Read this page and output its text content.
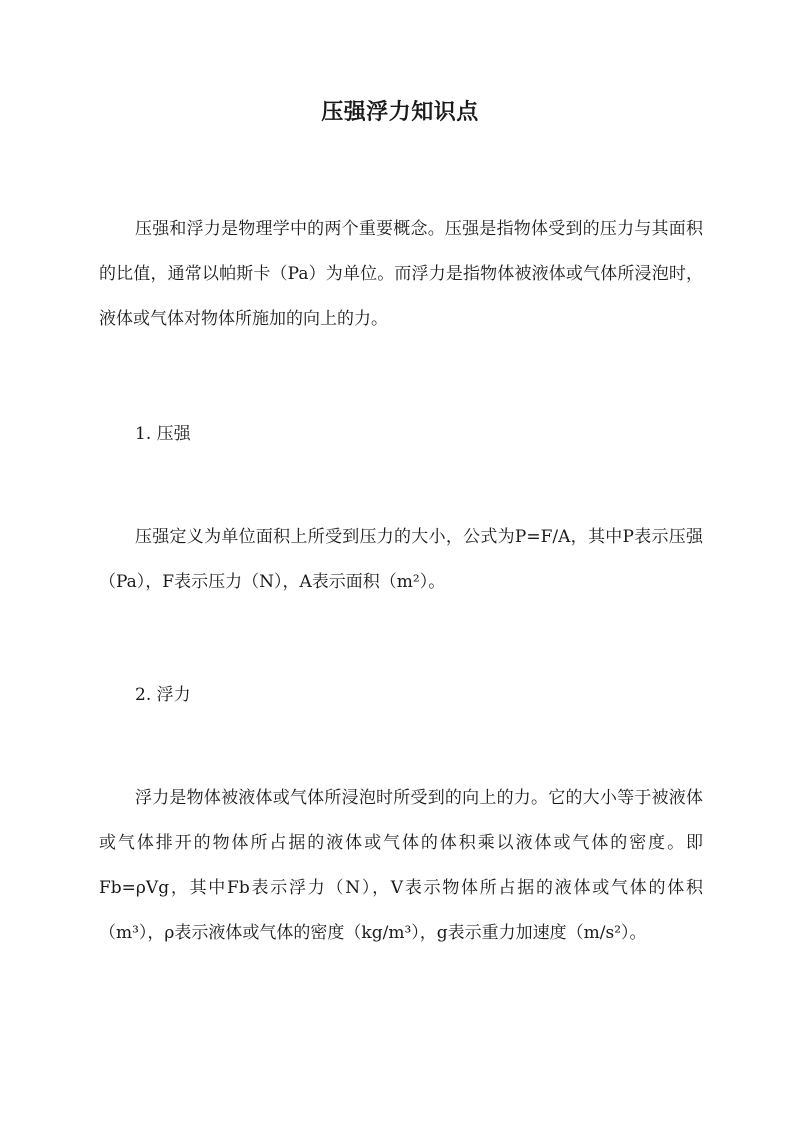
压强浮力知识点

压强和浮力是物理学中的两个重要概念。压强是指物体受到的压力与其面积的比值，通常以帕斯卡（Pa）为单位。而浮力是指物体被液体或气体所浸泡时，液体或气体对物体所施加的向上的力。

1. 压强

压强定义为单位面积上所受到压力的大小，公式为P=F/A，其中P表示压强（Pa），F表示压力（N），A表示面积（m²）。

2. 浮力

浮力是物体被液体或气体所浸泡时所受到的向上的力。它的大小等于被液体或气体排开的物体所占据的液体或气体的体积乘以液体或气体的密度。即Fb=ρVg，其中Fb表示浮力（N），V表示物体所占据的液体或气体的体积（m³），ρ表示液体或气体的密度（kg/m³），g表示重力加速度（m/s²）。
